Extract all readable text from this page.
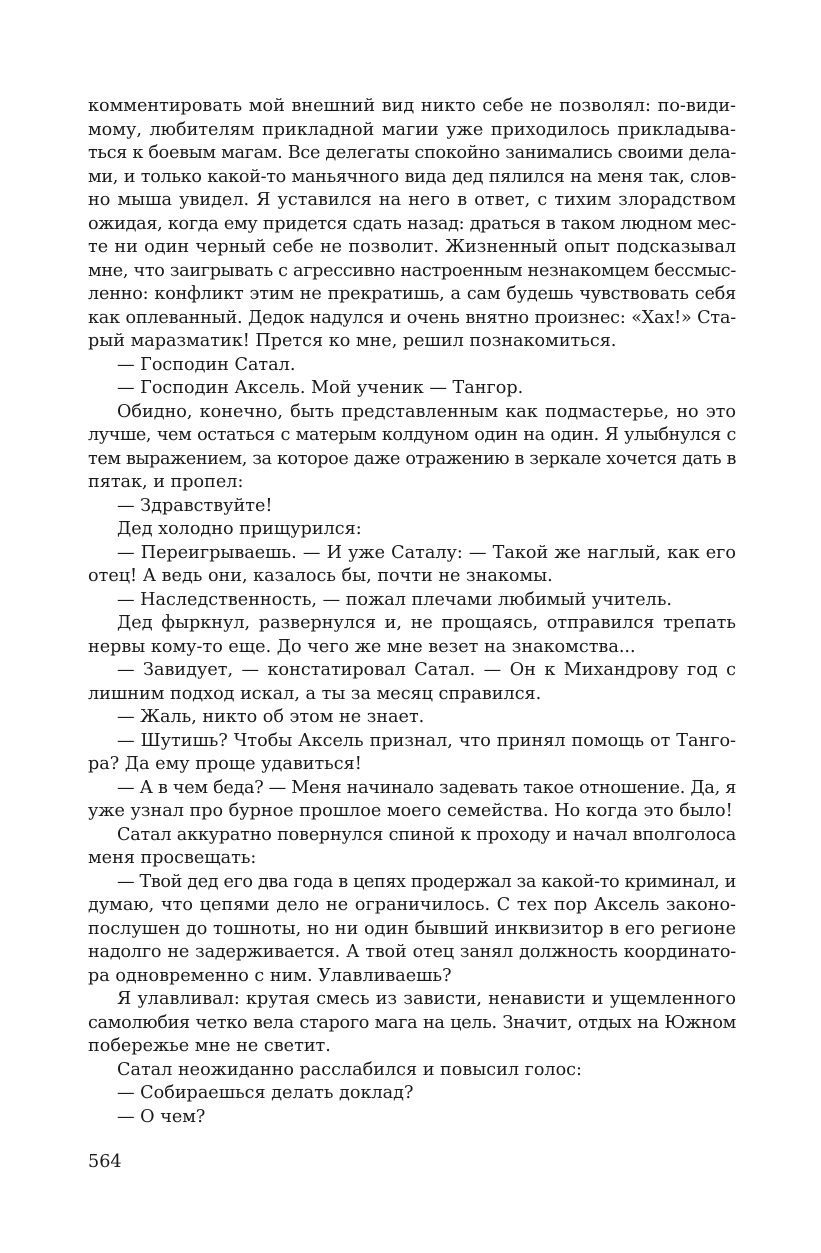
комментировать мой внешний вид никто себе не позволял: по-види-
мому, любителям прикладной магии уже приходилось прикладыва-
ться к боевым магам. Все делегаты спокойно занимались своими дела-
ми, и только какой-то маньячного вида дед пялился на меня так, слов-
но мыша увидел. Я уставился на него в ответ, с тихим злорадством
ожидая, когда ему придется сдать назад: драться в таком людном мес-
те ни один черный себе не позволит. Жизненный опыт подсказывал
мне, что заигрывать с агрессивно настроенным незнакомцем бессмыс-
ленно: конфликт этим не прекратишь, а сам будешь чувствовать себя
как оплеванный. Дедок надулся и очень внятно произнес: «Хах!» Ста-
рый маразматик! Прется ко мне, решил познакомиться.
— Господин Сатал.
— Господин Аксель. Мой ученик — Тангор.
Обидно, конечно, быть представленным как подмастерье, но это
лучше, чем остаться с матерым колдуном один на один. Я улыбнулся с
тем выражением, за которое даже отражению в зеркале хочется дать в
пятак, и пропел:
— Здравствуйте!
Дед холодно прищурился:
— Переигрываешь. — И уже Саталу: — Такой же наглый, как его
отец! А ведь они, казалось бы, почти не знакомы.
— Наследственность, — пожал плечами любимый учитель.
Дед фыркнул, развернулся и, не прощаясь, отправился трепать
нервы кому-то еще. До чего же мне везет на знакомства...
— Завидует, — констатировал Сатал. — Он к Михандрову год с
лишним подход искал, а ты за месяц справился.
— Жаль, никто об этом не знает.
— Шутишь? Чтобы Аксель признал, что принял помощь от Танго-
ра? Да ему проще удавиться!
— А в чем беда? — Меня начинало задевать такое отношение. Да, я
уже узнал про бурное прошлое моего семейства. Но когда это было!
Сатал аккуратно повернулся спиной к проходу и начал вполголоса
меня просвещать:
— Твой дед его два года в цепях продержал за какой-то криминал, и
думаю, что цепями дело не ограничилось. С тех пор Аксель законо-
послушен до тошноты, но ни один бывший инквизитор в его регионе
надолго не задерживается. А твой отец занял должность координато-
ра одновременно с ним. Улавливаешь?
Я улавливал: крутая смесь из зависти, ненависти и ущемленного
самолюбия четко вела старого мага на цель. Значит, отдых на Южном
побережье мне не светит.
Сатал неожиданно расслабился и повысил голос:
— Собираешься делать доклад?
— О чем?
564
